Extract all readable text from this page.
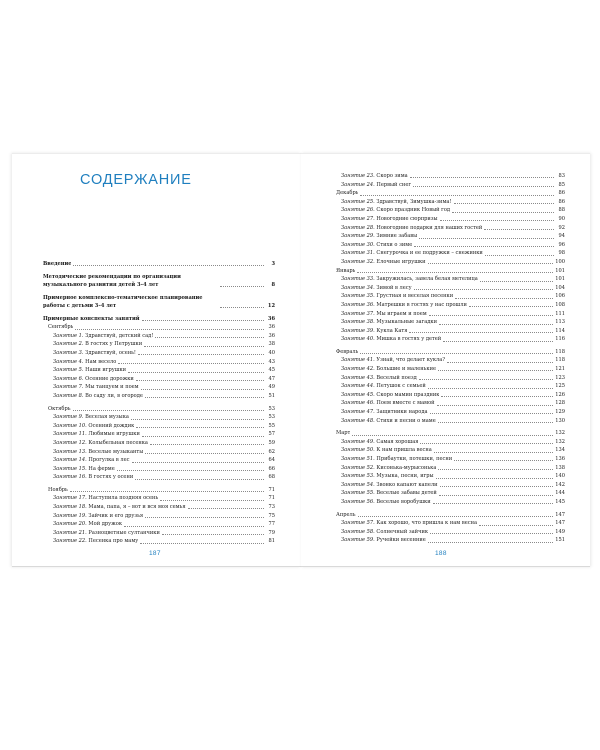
СОДЕРЖАНИЕ
Введение	3
Методические рекомендации по организации музыкального развития детей 3–4 лет	8
Примерное комплексно-тематическое планирование работы с детьми 3–4 лет	12
Примерные конспекты занятий	36
Сентябрь	36
Занятие 1. Здравствуй, детский сад!	36
Занятие 2. В гостях у Петрушки	38
Занятие 3. Здравствуй, осень!	40
Занятие 4. Нам весело	43
Занятие 5. Наши игрушки	45
Занятие 6. Осенние дорожки	47
Занятие 7. Мы танцуем и поем	49
Занятие 8. Во саду ли, в огороде	51
Октябрь	53
Занятие 9. Веселая музыка	53
Занятие 10. Осенний дождик	55
Занятие 11. Любимые игрушки	57
Занятие 12. Колыбельная песенка	59
Занятие 13. Веселые музыканты	62
Занятие 14. Прогулка в лес	64
Занятие 15. На ферме	66
Занятие 16. В гостях у осени	68
Ноябрь	71
Занятие 17. Наступила поздняя осень	71
Занятие 18. Мама, папа, я – вот и вся моя семья	73
Занятие 19. Зайчик и его друзья	75
Занятие 20. Мой дружок	77
Занятие 21. Разноцветные султанчики	79
Занятие 22. Песенка про маму	81

187

Занятие 23. Скоро зима	83
Занятие 24. Первый снег	85
Декабрь	86
Занятие 25. Здравствуй, Зимушка-зима!	86
Занятие 26. Скоро праздник Новый год	88
Занятие 27. Новогодние сюрпризы	90
Занятие 28. Новогодние подарки для наших гостей	92
Занятие 29. Зимние забавы	94
Занятие 30. Стихи о зиме	96
Занятие 31. Снегурочка и ее подружки – снежинки	98
Занятие 32. Елочные игрушки	100
Январь	101
Занятие 33. Закружилась, завела белая метелица	101
Занятие 34. Зимой в лесу	104
Занятие 35. Грустная и веселая песенки	106
Занятие 36. Матрешки в гостях у нас прошли	108
Занятие 37. Мы играем и поем	111
Занятие 38. Музыкальные загадки	113
Занятие 39. Кукла Катя	114
Занятие 40. Мишка в гостях у детей	116
Февраль	118
Занятие 41. Узнай, что делает кукла?	118
Занятие 42. Большие и маленькие	121
Занятие 43. Веселый поезд	123
Занятие 44. Петушок с семьей	125
Занятие 45. Скоро мамин праздник	126
Занятие 46. Поем вместе с мамой	128
Занятие 47. Защитники народа	129
Занятие 48. Стихи и песни о маме	130
Март	132
Занятие 49. Самая хорошая	132
Занятие 50. К нам пришла весна	134
Занятие 51. Прибаутки, потешки, песни	136
Занятие 52. Кисонька-мурысонька	138
Занятие 53. Музыка, песни, игры	140
Занятие 54. Звонко капают капели	142
Занятие 55. Веселые забавы детей	144
Занятие 56. Веселые воробушки	145
Апрель	147
Занятие 57. Как хорошо, что пришла к нам весна	147
Занятие 58. Солнечный зайчик	149
Занятие 59. Ручейки весенние	151

188
